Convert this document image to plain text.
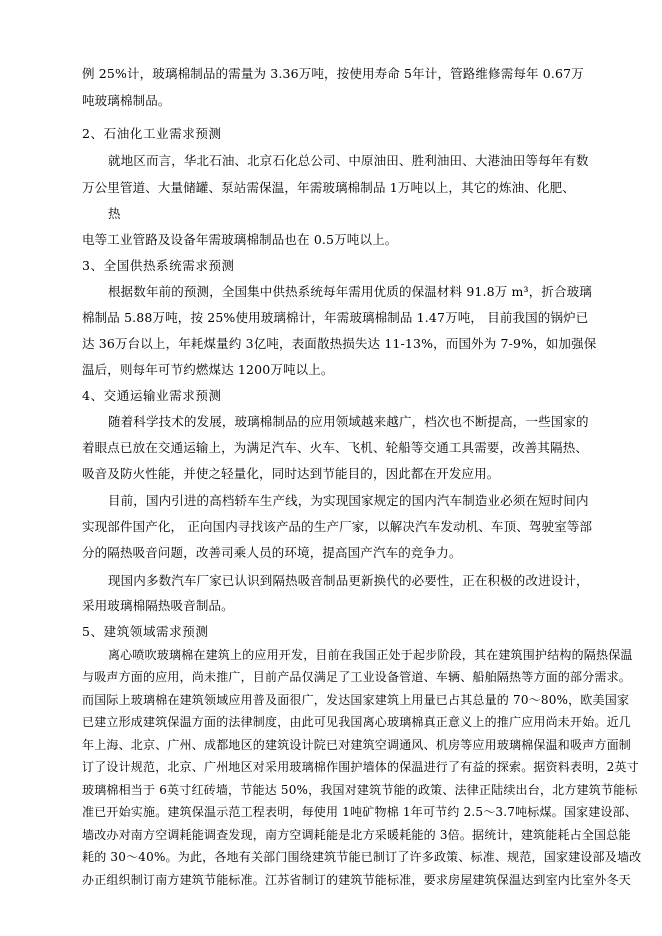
例 25%计，玻璃棉制品的需量为 3.36万吨，按使用寿命 5年计，管路维修需每年 0.67万
吨玻璃棉制品。
2、石油化工业需求预测
就地区而言，华北石油、北京石化总公司、中原油田、胜利油田、大港油田等每年有数
万公里管道、大量储罐、泵站需保温，年需玻璃棉制品 1万吨以上，其它的炼油、化肥、
热
电等工业管路及设备年需玻璃棉制品也在 0.5万吨以上。
3、全国供热系统需求预测
根据数年前的预测，全国集中供热系统每年需用优质的保温材料 91.8万 m³，折合玻璃
棉制品 5.88万吨，按 25%使用玻璃棉计，年需玻璃棉制品 1.47万吨， 目前我国的锅炉已
达 36万台以上，年耗煤量约 3亿吨，表面散热损失达 11-13%，而国外为 7-9%，如加强保
温后，则每年可节约燃煤达 1200万吨以上。
4、交通运输业需求预测
随着科学技术的发展，玻璃棉制品的应用领域越来越广，档次也不断提高，一些国家的
着眼点已放在交通运输上，为满足汽车、火车、飞机、轮船等交通工具需要，改善其隔热、
吸音及防火性能，并使之轻量化，同时达到节能目的，因此都在开发应用。
目前，国内引进的高档轿车生产线，为实现国家规定的国内汽车制造业必须在短时间内
实现部件国产化， 正向国内寻找该产品的生产厂家，以解决汽车发动机、车顶、驾驶室等部
分的隔热吸音问题，改善司乘人员的环境，提高国产汽车的竞争力。
现国内多数汽车厂家已认识到隔热吸音制品更新换代的必要性，正在积极的改进设计，
采用玻璃棉隔热吸音制品。
5、建筑领域需求预测
离心喷吹玻璃棉在建筑上的应用开发，目前在我国正处于起步阶段，其在建筑围护结构的隔热保温
与吸声方面的应用，尚未推广，目前产品仅满足了工业设备管道、车辆、船舶隔热等方面的部分需求。
而国际上玻璃棉在建筑领域应用普及面很广，发达国家建筑上用量已占其总量的 70～80%，欧美国家
已建立形成建筑保温方面的法律制度，由此可见我国离心玻璃棉真正意义上的推广应用尚未开始。近几
年上海、北京、广州、成都地区的建筑设计院已对建筑空调通风、机房等应用玻璃棉保温和吸声方面制
订了设计规范，北京、广州地区对采用玻璃棉作围护墙体的保温进行了有益的探索。据资料表明，2英寸
玻璃棉相当于 6英寸红砖墙，节能达 50%，我国对建筑节能的政策、法律正陆续出台，北方建筑节能标
准已开始实施。建筑保温示范工程表明，每使用 1吨矿物棉 1年可节约 2.5～3.7吨标煤。国家建设部、
墙改办对南方空调耗能调查发现，南方空调耗能是北方采暖耗能的 3倍。据统计，建筑能耗占全国总能
耗的 30～40%。为此，各地有关部门围绕建筑节能已制订了许多政策、标准、规范，国家建设部及墙改
办正组织制订南方建筑节能标准。江苏省制订的建筑节能标准，要求房屋建筑保温达到室内比室外冬天
